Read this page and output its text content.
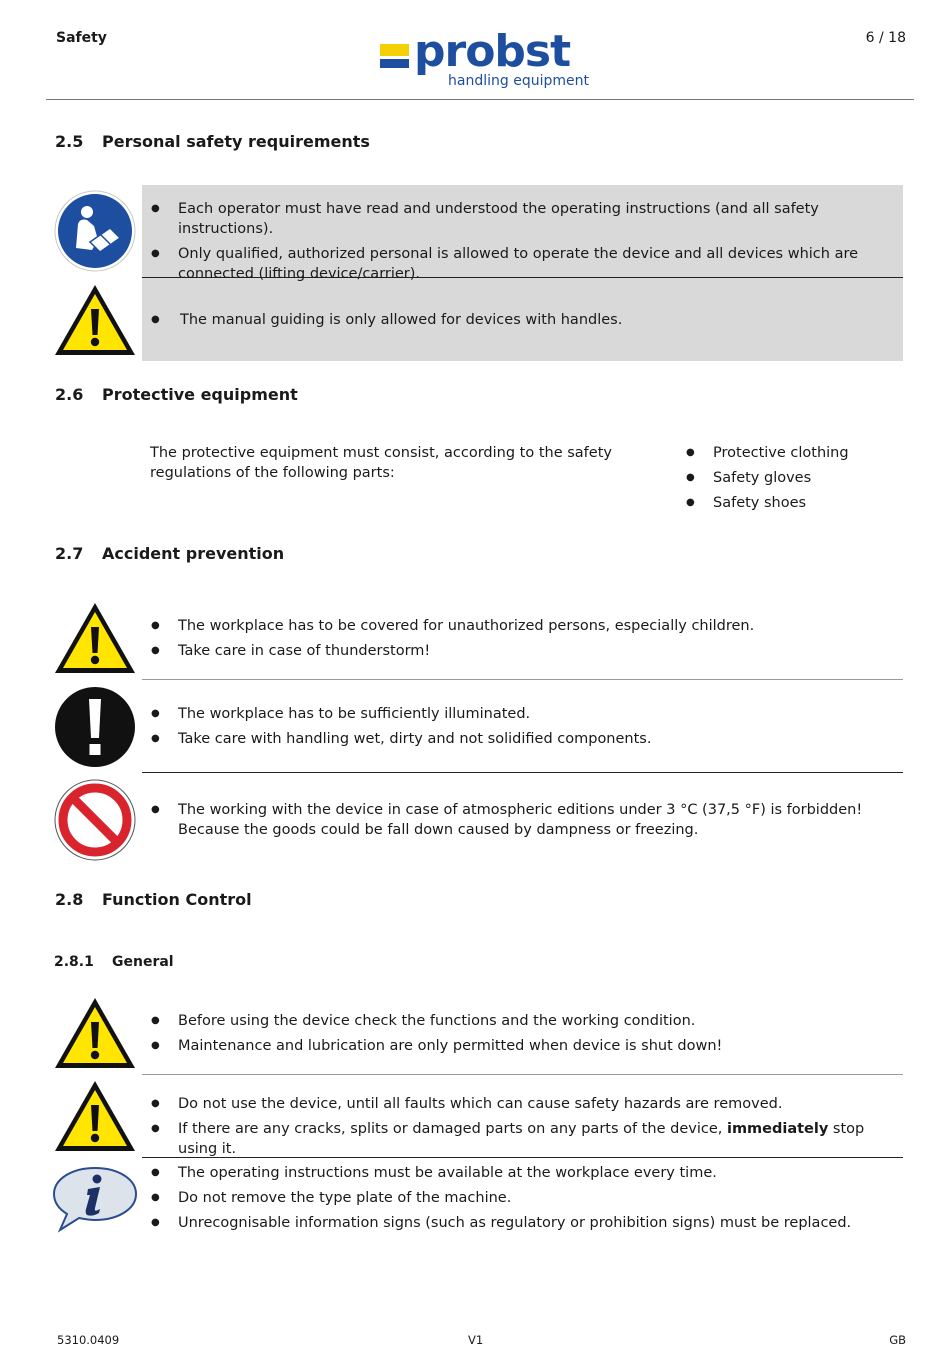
Safety	6 / 18
probst
handling equipment
2.5 Personal safety requirements
● Each operator must have read and understood the operating instructions (and all safety instructions).
● Only qualified, authorized personal is allowed to operate the device and all devices which are connected (lifting device/carrier).
● The manual guiding is only allowed for devices with handles.
2.6 Protective equipment
The protective equipment must consist, according to the safety regulations of the following parts:
● Protective clothing
● Safety gloves
● Safety shoes
2.7 Accident prevention
● The workplace has to be covered for unauthorized persons, especially children.
● Take care in case of thunderstorm!
● The workplace has to be sufficiently illuminated.
● Take care with handling wet, dirty and not solidified components.
● The working with the device in case of atmospheric editions under 3 °C (37,5 °F) is forbidden!
Because the goods could be fall down caused by dampness or freezing.
2.8 Function Control
2.8.1 General
● Before using the device check the functions and the working condition.
● Maintenance and lubrication are only permitted when device is shut down!
● Do not use the device, until all faults which can cause safety hazards are removed.
● If there are any cracks, splits or damaged parts on any parts of the device, immediately stop using it.
● The operating instructions must be available at the workplace every time.
● Do not remove the type plate of the machine.
● Unrecognisable information signs (such as regulatory or prohibition signs) must be replaced.
5310.0409	V1	GB
